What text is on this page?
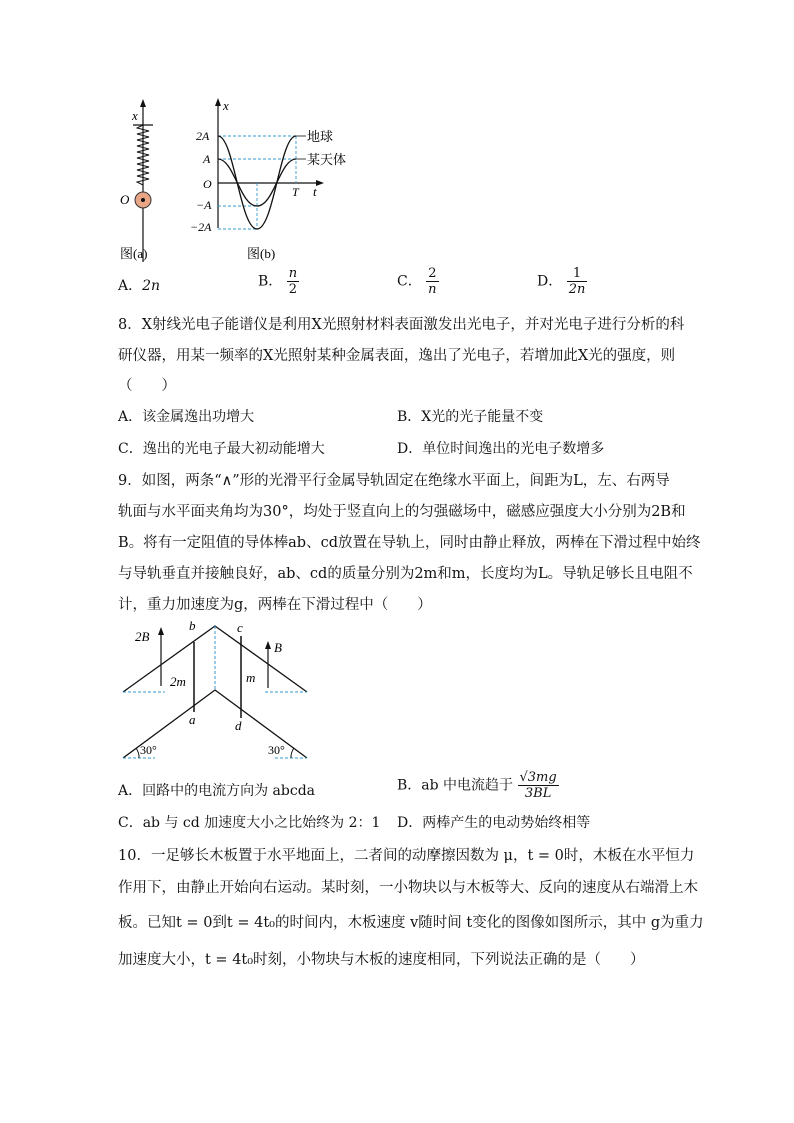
x
O
图(a)
x
t
2A
A
O
−A
−2A
T
地球
某天体
图(b)
A．2n	B． $\frac{n}{2}$	C． $\frac{2}{n}$	D． $\frac{1}{2n}$
8．X射线光电子能谱仪是利用X光照射材料表面激发出光电子，并对光电子进行分析的科
研仪器，用某一频率的X光照射某种金属表面，逸出了光电子，若增加此X光的强度，则
（　　）
A．该金属逸出功增大	B．X光的光子能量不变
C．逸出的光电子最大初动能增大	D．单位时间逸出的光电子数增多
9．如图，两条“∧”形的光滑平行金属导轨固定在绝缘水平面上，间距为L，左、右两导
轨面与水平面夹角均为30°，均处于竖直向上的匀强磁场中，磁感应强度大小分别为2B和
B。将有一定阻值的导体棒ab、cd放置在导轨上，同时由静止释放，两棒在下滑过程中始终
与导轨垂直并接触良好，ab、cd的质量分别为2m和m，长度均为L。导轨足够长且电阻不
计，重力加速度为g，两棒在下滑过程中（　　）
b	c
a	d
2m	m
2B
B
30°	30°
A．回路中的电流方向为 abcda	B．ab 中电流趋于 $\frac{√3mg}{3BL}$
C．ab 与 cd 加速度大小之比始终为 2：1 D．两棒产生的电动势始终相等
10．一足够长木板置于水平地面上，二者间的动摩擦因数为 μ，t = 0时，木板在水平恒力
作用下，由静止开始向右运动。某时刻，一小物块以与木板等大、反向的速度从右端滑上木
板。已知t = 0到t = 4t₀的时间内，木板速度 v随时间 t变化的图像如图所示，其中 g为重力
加速度大小，t = 4t₀时刻，小物块与木板的速度相同，下列说法正确的是（　　）
